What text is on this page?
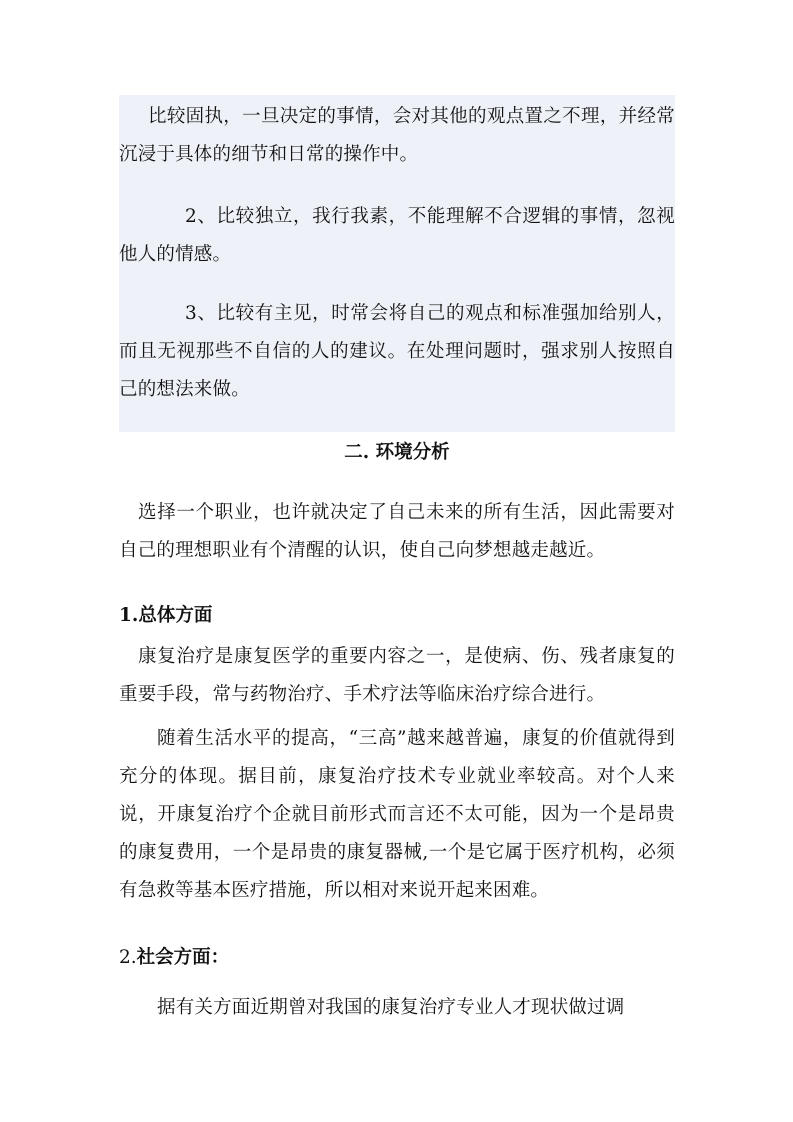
比较固执，一旦决定的事情，会对其他的观点置之不理，并经常沉浸于具体的细节和日常的操作中。

2、比较独立，我行我素，不能理解不合逻辑的事情，忽视他人的情感。

3、比较有主见，时常会将自己的观点和标准强加给别人，而且无视那些不自信的人的建议。在处理问题时，强求别人按照自己的想法来做。

二. 环境分析

选择一个职业，也许就决定了自己未来的所有生活，因此需要对自己的理想职业有个清醒的认识，使自己向梦想越走越近。

1.总体方面

康复治疗是康复医学的重要内容之一，是使病、伤、残者康复的重要手段，常与药物治疗、手术疗法等临床治疗综合进行。

随着生活水平的提高，“三高”越来越普遍，康复的价值就得到充分的体现。据目前，康复治疗技术专业就业率较高。对个人来说，开康复治疗个企就目前形式而言还不太可能，因为一个是昂贵的康复费用，一个是昂贵的康复器械,一个是它属于医疗机构，必须有急救等基本医疗措施，所以相对来说开起来困难。

2.社会方面：

据有关方面近期曾对我国的康复治疗专业人才现状做过调
